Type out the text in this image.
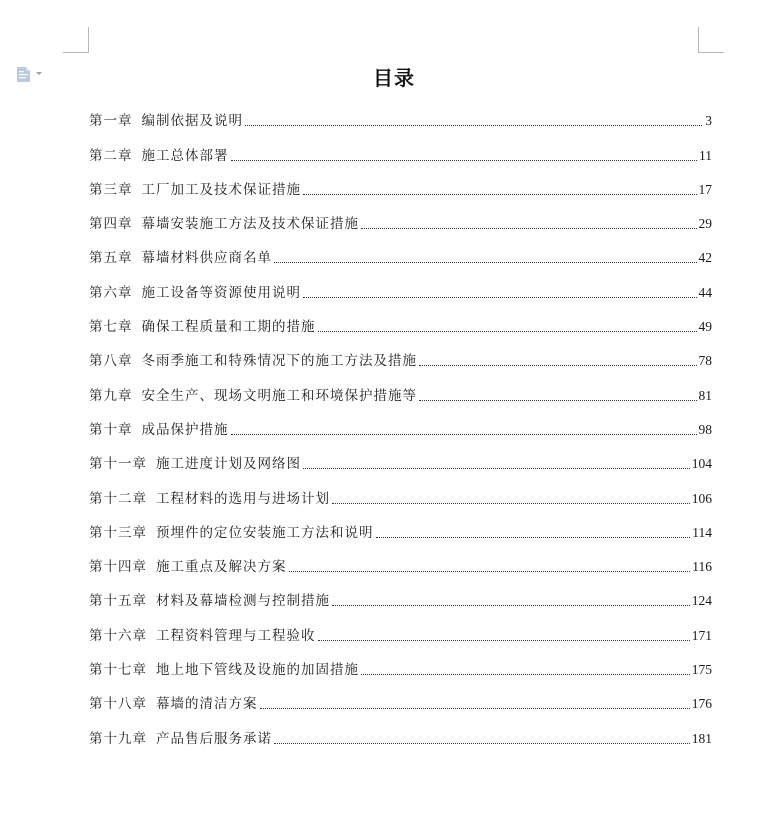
目录
第一章 编制依据及说明	3
第二章 施工总体部署	11
第三章 工厂加工及技术保证措施	17
第四章 幕墙安装施工方法及技术保证措施	29
第五章 幕墙材料供应商名单	42
第六章 施工设备等资源使用说明	44
第七章 确保工程质量和工期的措施	49
第八章 冬雨季施工和特殊情况下的施工方法及措施	78
第九章 安全生产、现场文明施工和环境保护措施等	81
第十章 成品保护措施	98
第十一章 施工进度计划及网络图	104
第十二章 工程材料的选用与进场计划	106
第十三章 预埋件的定位安装施工方法和说明	114
第十四章 施工重点及解决方案	116
第十五章 材料及幕墙检测与控制措施	124
第十六章 工程资料管理与工程验收	171
第十七章 地上地下管线及设施的加固措施	175
第十八章 幕墙的清洁方案	176
第十九章 产品售后服务承诺	181
